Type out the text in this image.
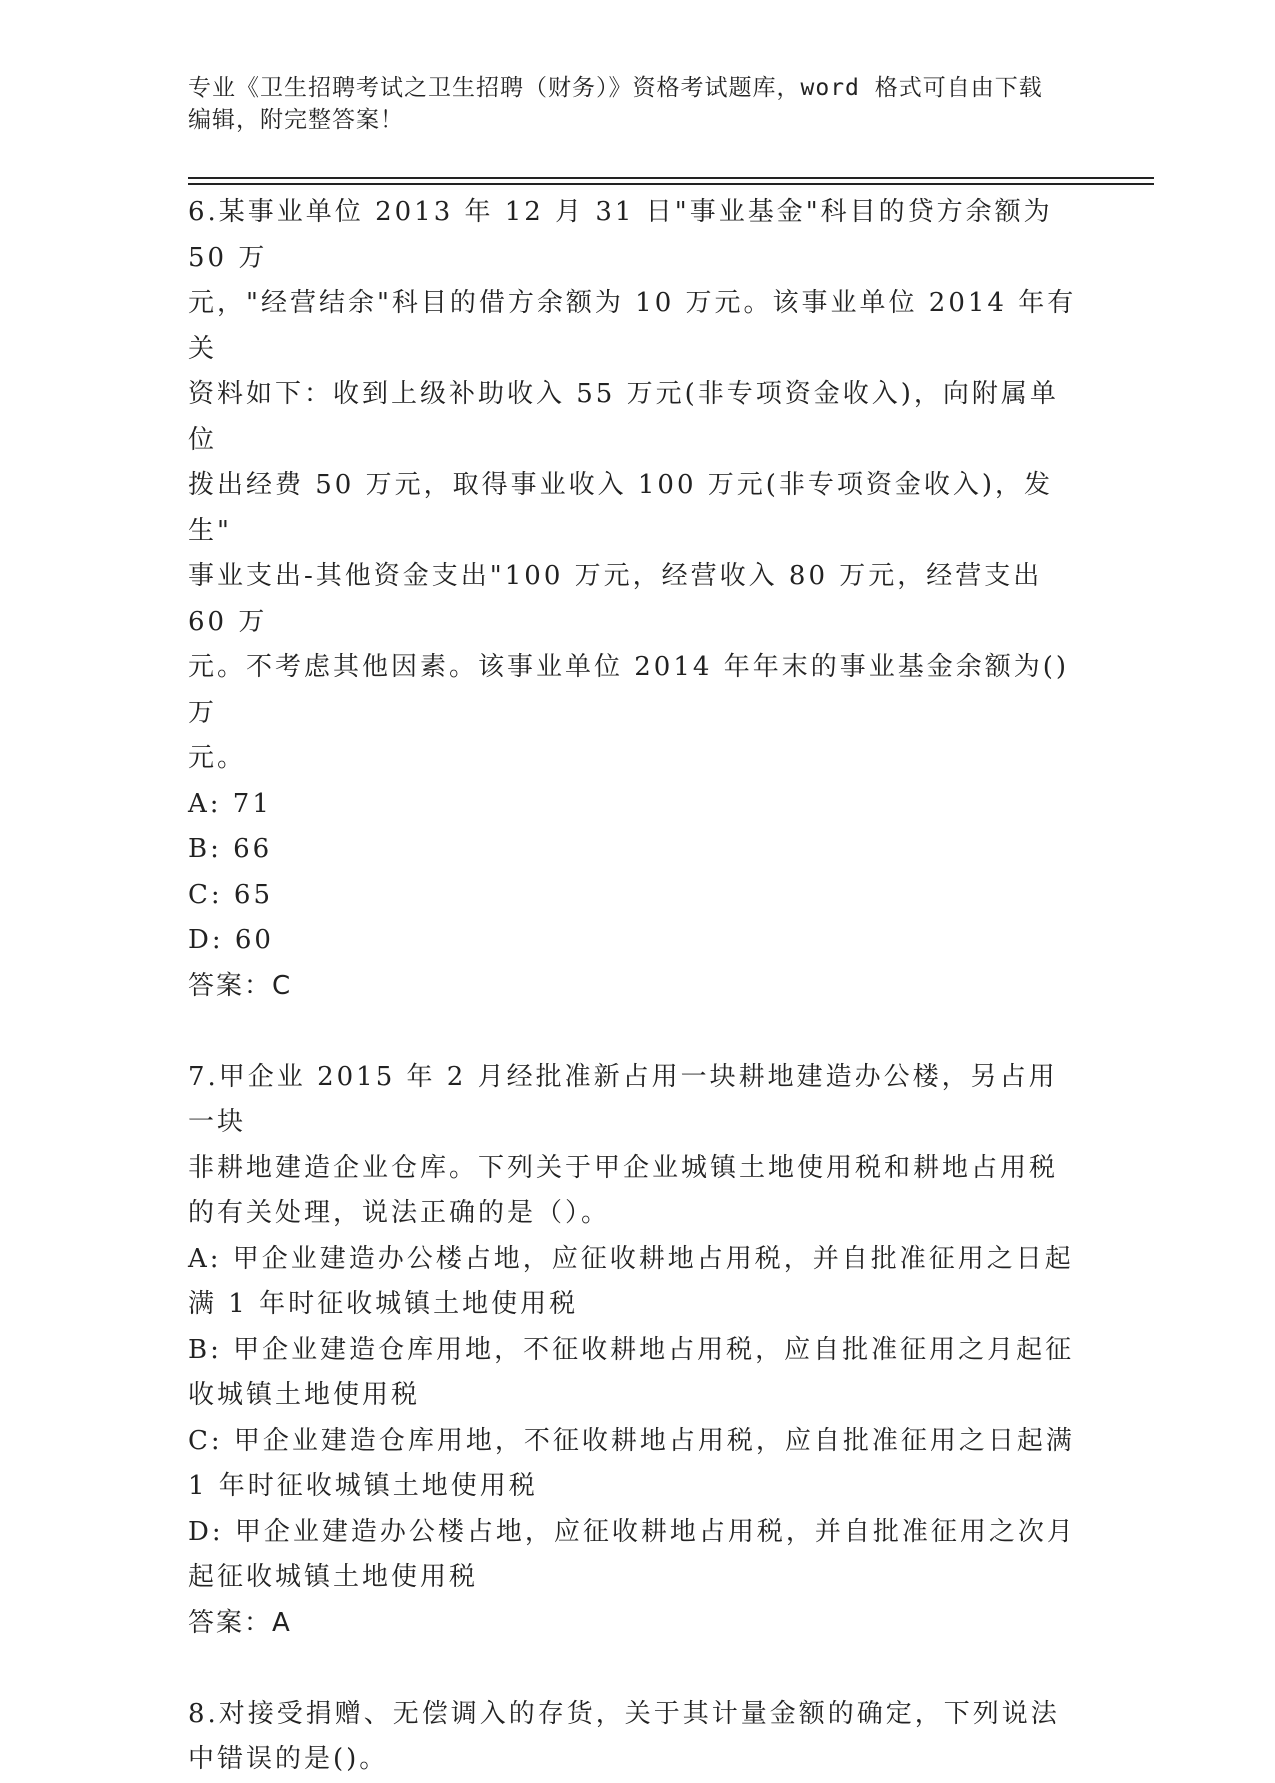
专业《卫生招聘考试之卫生招聘（财务）》资格考试题库，word 格式可自由下载
编辑，附完整答案！
6.某事业单位 2013 年 12 月 31 日"事业基金"科目的贷方余额为 50 万
元，"经营结余"科目的借方余额为 10 万元。该事业单位 2014 年有关
资料如下：收到上级补助收入 55 万元(非专项资金收入)，向附属单位
拨出经费 50 万元，取得事业收入 100 万元(非专项资金收入)，发生"
事业支出-其他资金支出"100 万元，经营收入 80 万元，经营支出 60 万
元。不考虑其他因素。该事业单位 2014 年年末的事业基金余额为()万
元。
A: 71
B: 66
C: 65
D: 60
答案：C
7.甲企业 2015 年 2 月经批准新占用一块耕地建造办公楼，另占用一块
非耕地建造企业仓库。下列关于甲企业城镇土地使用税和耕地占用税
的有关处理，说法正确的是（）。
A: 甲企业建造办公楼占地，应征收耕地占用税，并自批准征用之日起
满 1 年时征收城镇土地使用税
B: 甲企业建造仓库用地，不征收耕地占用税，应自批准征用之月起征
收城镇土地使用税
C: 甲企业建造仓库用地，不征收耕地占用税，应自批准征用之日起满
1 年时征收城镇土地使用税
D: 甲企业建造办公楼占地，应征收耕地占用税，并自批准征用之次月
起征收城镇土地使用税
答案：A
8.对接受捐赠、无偿调入的存货，关于其计量金额的确定，下列说法
中错误的是()。
